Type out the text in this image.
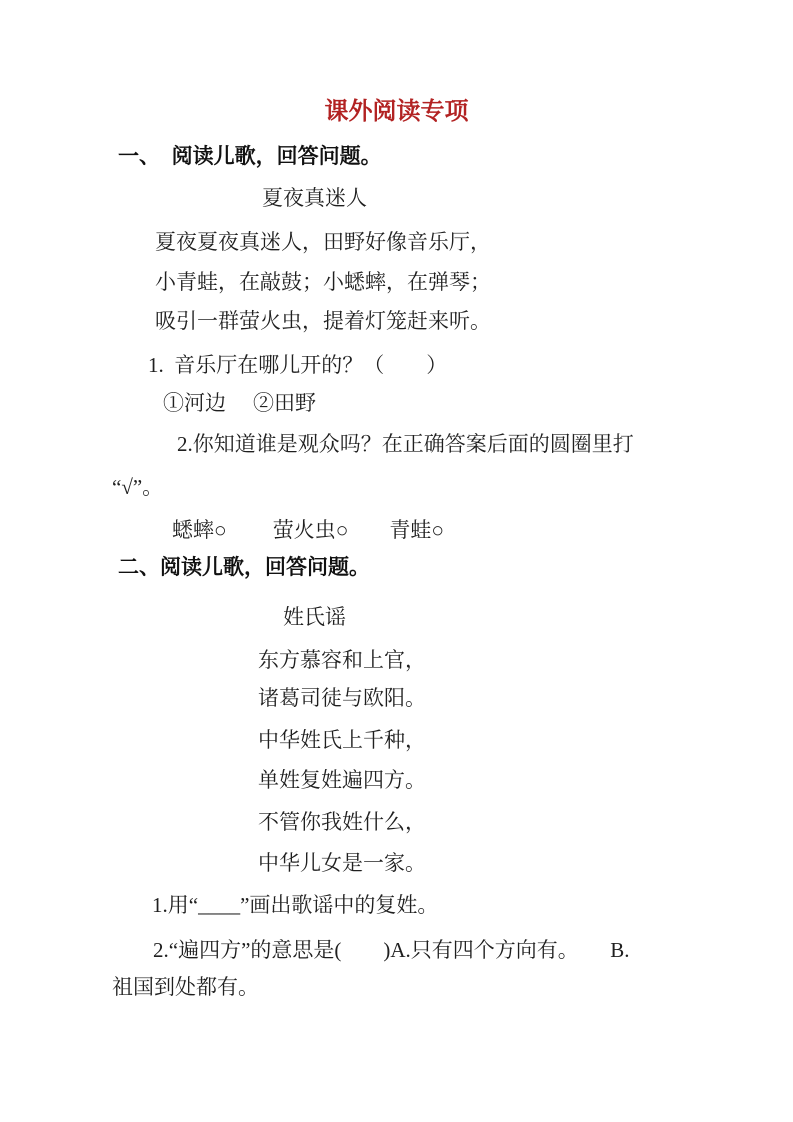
课外阅读专项
一、  阅读儿歌，回答问题。
夏夜真迷人
夏夜夏夜真迷人，田野好像音乐厅，
小青蛙，在敲鼓；小蟋蟀，在弹琴；
吸引一群萤火虫，提着灯笼赶来听。
1.  音乐厅在哪儿开的？（　　）
①河边 ②田野
2.你知道谁是观众吗？在正确答案后面的圆圈里打
“√”。
蟋蟀 ○ 萤火虫 ○ 青蛙 ○
二、阅读儿歌，回答问题。
姓氏谣
东方慕容和上官，
诸葛司徒与欧阳。
中华姓氏上千种，
单姓复姓遍四方。
不管你我姓什么，
中华儿女是一家。
1.用“____”画出歌谣中的复姓。
2.“遍四方”的意思是(　　)A.只有四个方向有。　　B.
祖国到处都有。
